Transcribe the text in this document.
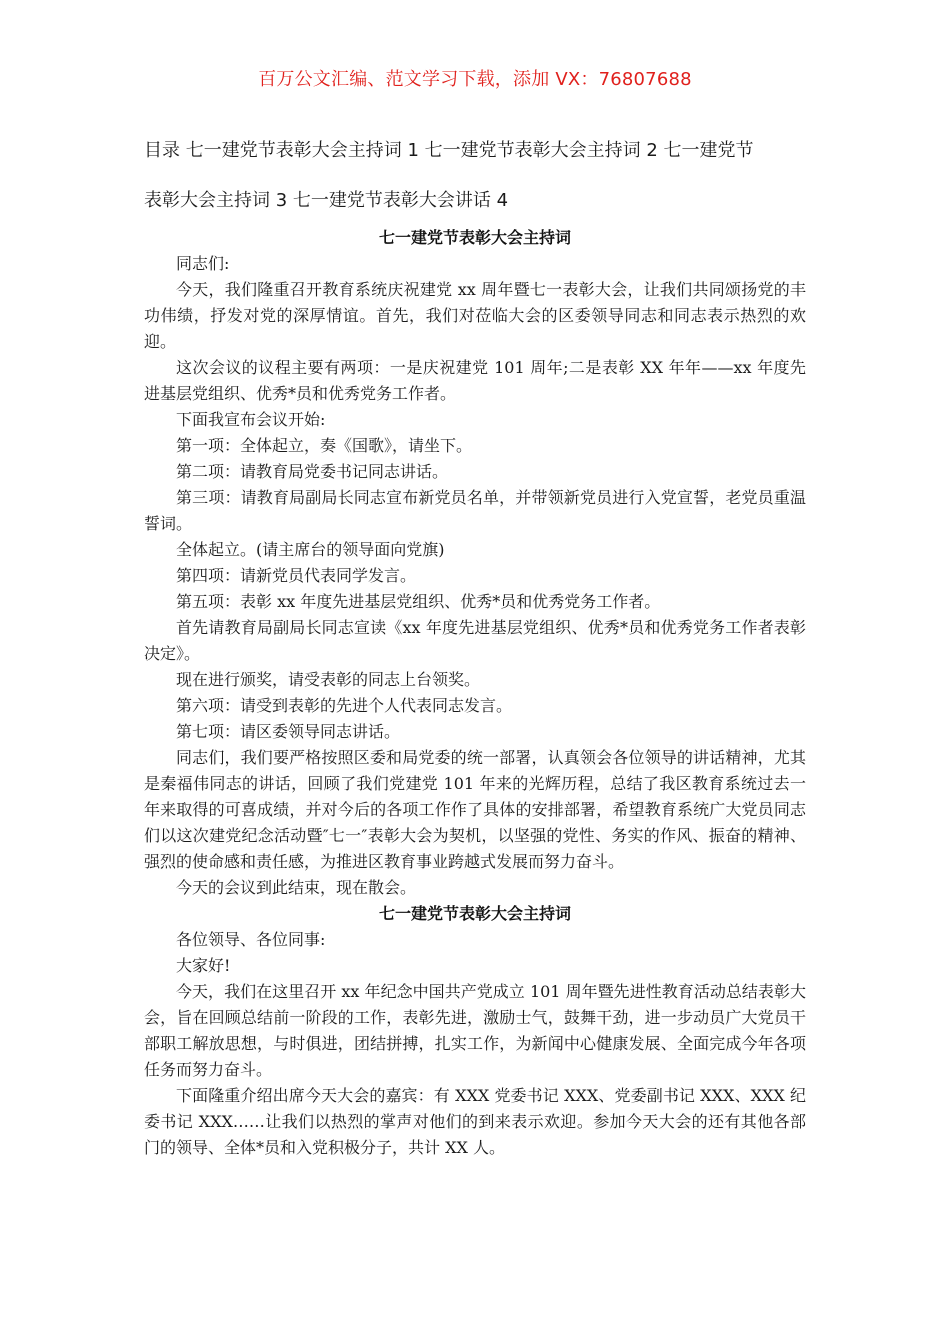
百万公文汇编、范文学习下载，添加 VX：76807688
目录 七一建党节表彰大会主持词 1 七一建党节表彰大会主持词 2 七一建党节
表彰大会主持词 3 七一建党节表彰大会讲话 4
七一建党节表彰大会主持词

同志们:

今天，我们隆重召开教育系统庆祝建党 xx 周年暨七一表彰大会，让我们共同颂扬党的丰功伟绩，抒发对党的深厚情谊。首先，我们对莅临大会的区委领导同志和同志表示热烈的欢迎。

这次会议的议程主要有两项：一是庆祝建党 101 周年;二是表彰 XX 年年——xx 年度先进基层党组织、优秀*员和优秀党务工作者。

下面我宣布会议开始:

第一项：全体起立，奏《国歌》，请坐下。

第二项：请教育局党委书记同志讲话。

第三项：请教育局副局长同志宣布新党员名单，并带领新党员进行入党宣誓，老党员重温誓词。

全体起立。(请主席台的领导面向党旗)

第四项：请新党员代表同学发言。

第五项：表彰 xx 年度先进基层党组织、优秀*员和优秀党务工作者。

首先请教育局副局长同志宣读《xx 年度先进基层党组织、优秀*员和优秀党务工作者表彰决定》。

现在进行颁奖，请受表彰的同志上台领奖。

第六项：请受到表彰的先进个人代表同志发言。

第七项：请区委领导同志讲话。

同志们，我们要严格按照区委和局党委的统一部署，认真领会各位领导的讲话精神，尤其是秦福伟同志的讲话，回顾了我们党建党 101 年来的光辉历程，总结了我区教育系统过去一年来取得的可喜成绩，并对今后的各项工作作了具体的安排部署，希望教育系统广大党员同志们以这次建党纪念活动暨″七一″表彰大会为契机，以坚强的党性、务实的作风、振奋的精神、强烈的使命感和责任感，为推进区教育事业跨越式发展而努力奋斗。

今天的会议到此结束，现在散会。

七一建党节表彰大会主持词

各位领导、各位同事:

大家好!

今天，我们在这里召开 xx 年纪念中国共产党成立 101 周年暨先进性教育活动总结表彰大会，旨在回顾总结前一阶段的工作，表彰先进，激励士气，鼓舞干劲，进一步动员广大党员干部职工解放思想，与时俱进，团结拼搏，扎实工作，为新闻中心健康发展、全面完成今年各项任务而努力奋斗。

下面隆重介绍出席今天大会的嘉宾：有 XXX 党委书记 XXX、党委副书记 XXX、XXX 纪委书记 XXX……让我们以热烈的掌声对他们的到来表示欢迎。参加今天大会的还有其他各部门的领导、全体*员和入党积极分子，共计 XX 人。
